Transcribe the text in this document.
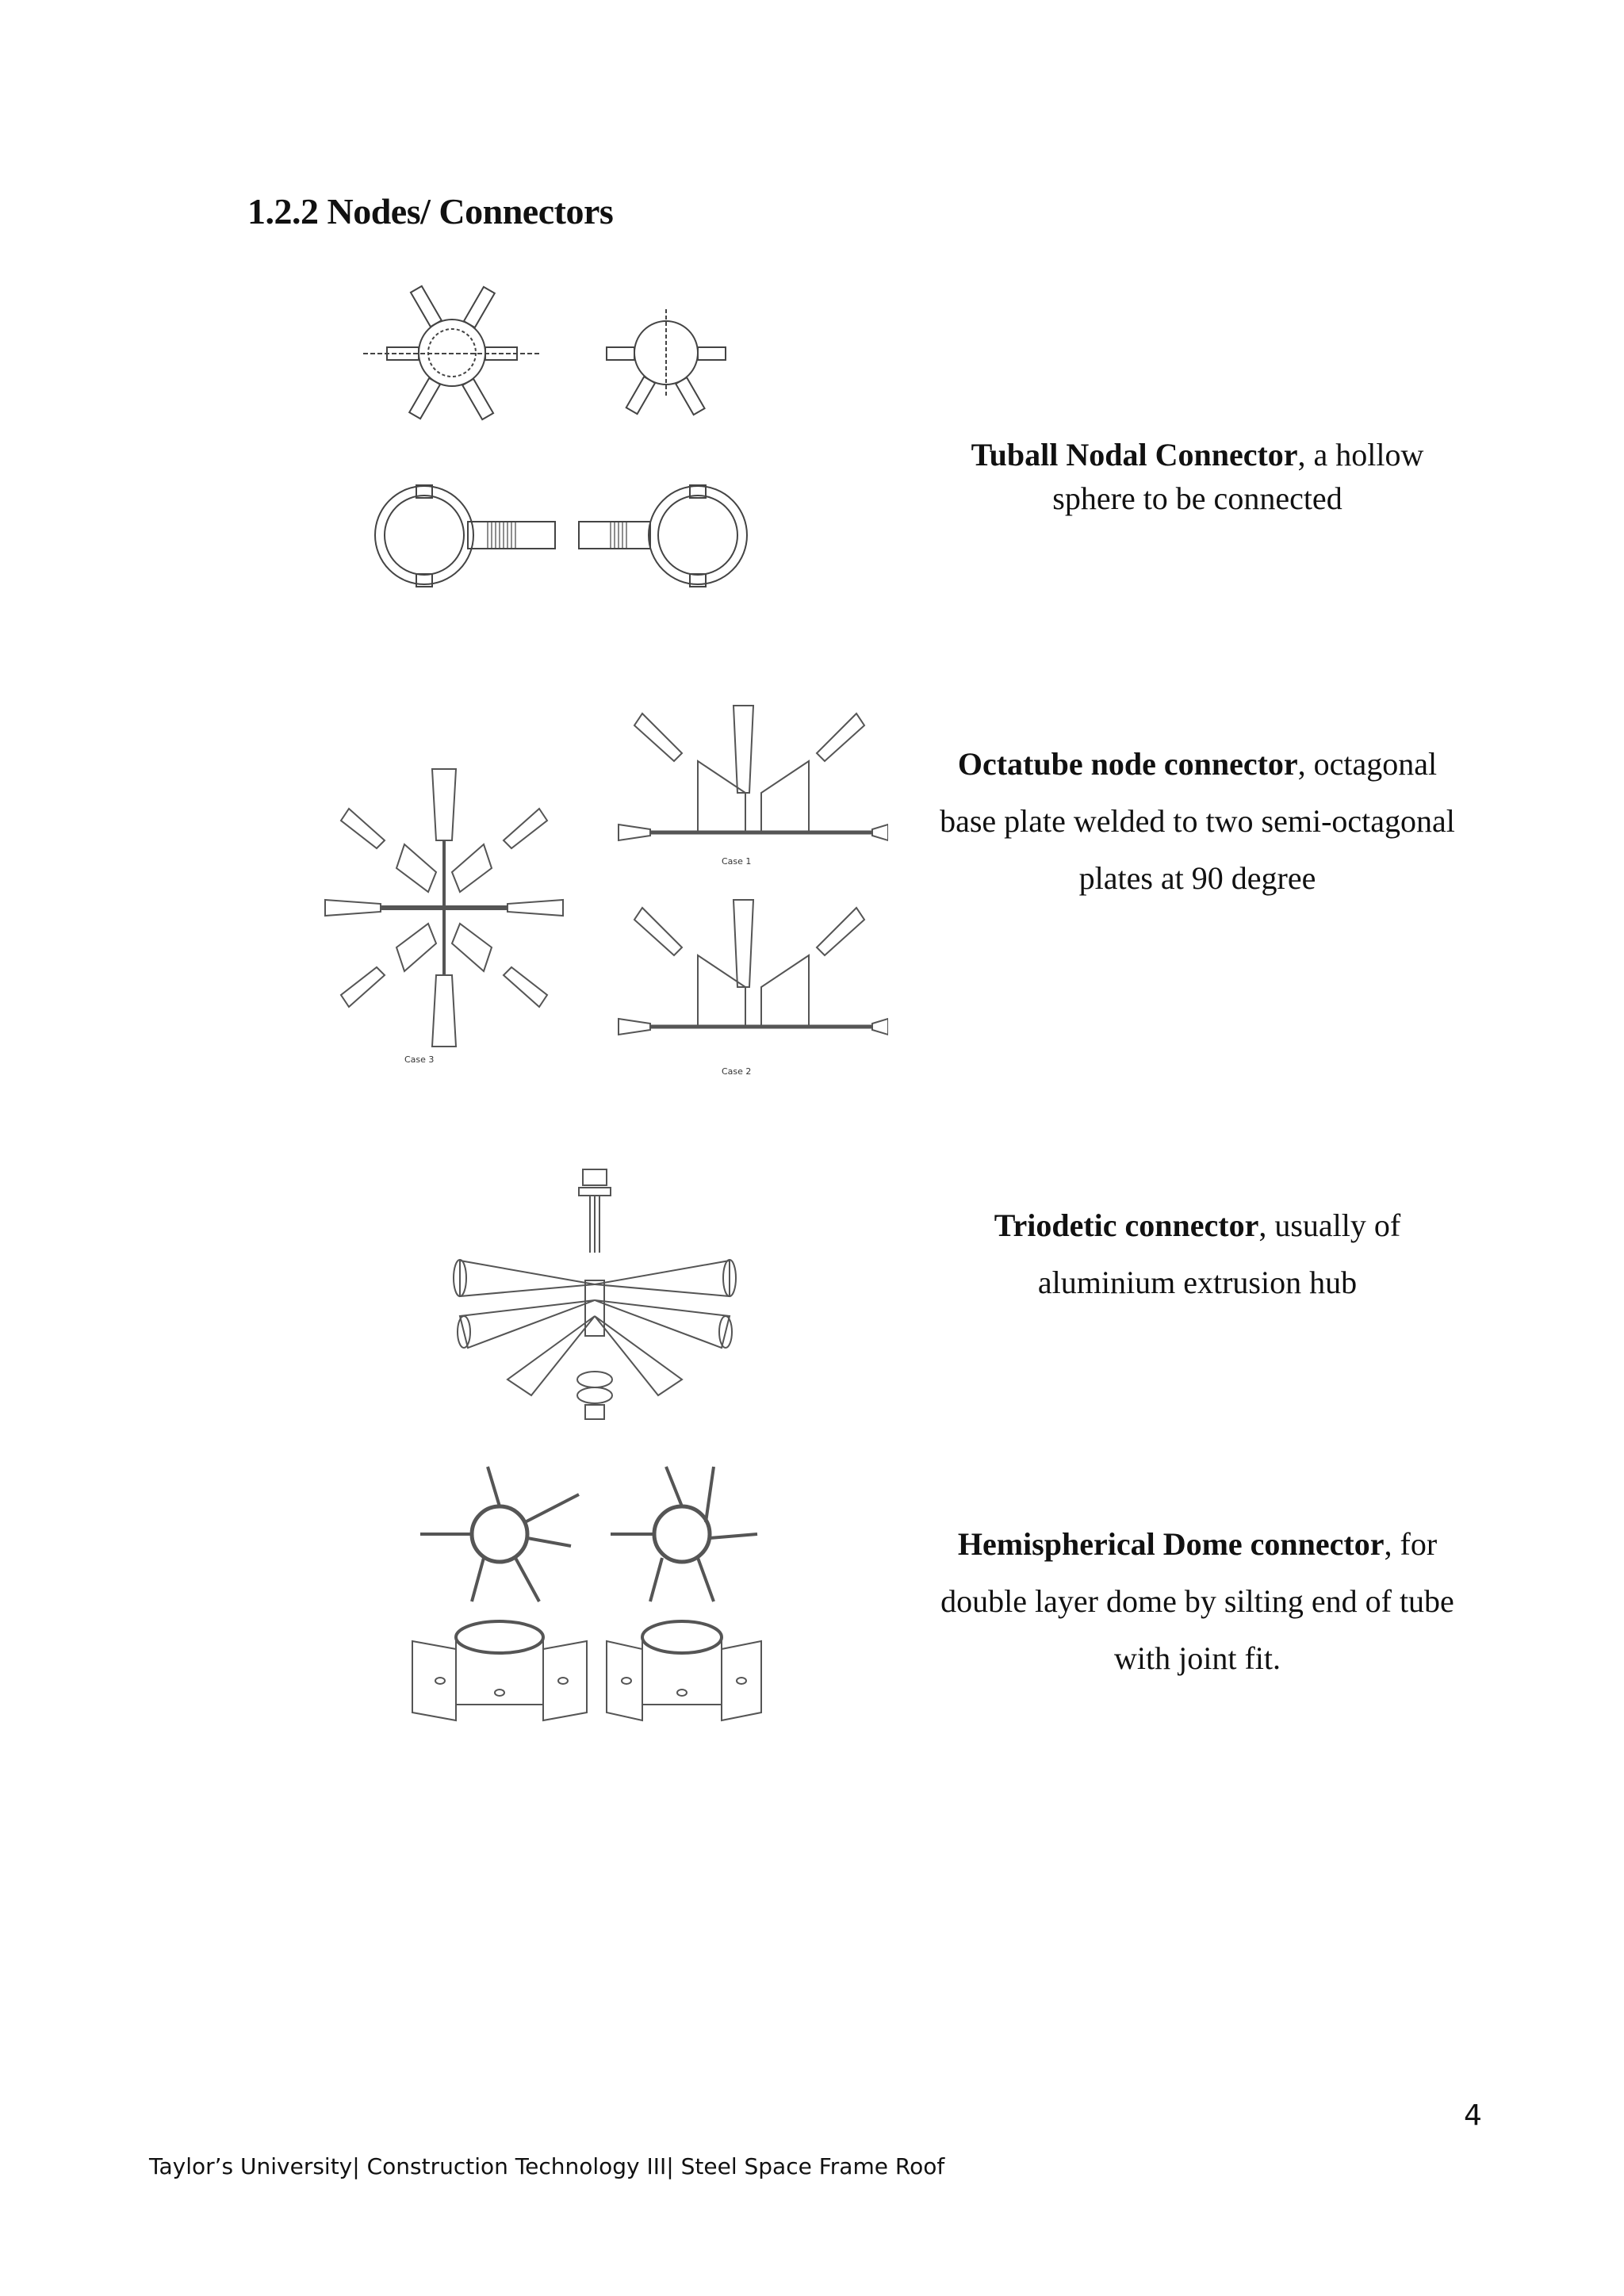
1.2.2 Nodes/ Connectors
Case 3
Case 1
Case 2
Tuball Nodal Connector, a hollow
sphere to be connected
Octatube node connector, octagonal
base plate welded to two semi-octagonal
plates at 90 degree
Triodetic connector, usually of
aluminium extrusion hub
Hemispherical Dome connector, for
double layer dome by silting end of tube
with joint fit.
4
Taylor’s University| Construction Technology III| Steel Space Frame Roof
